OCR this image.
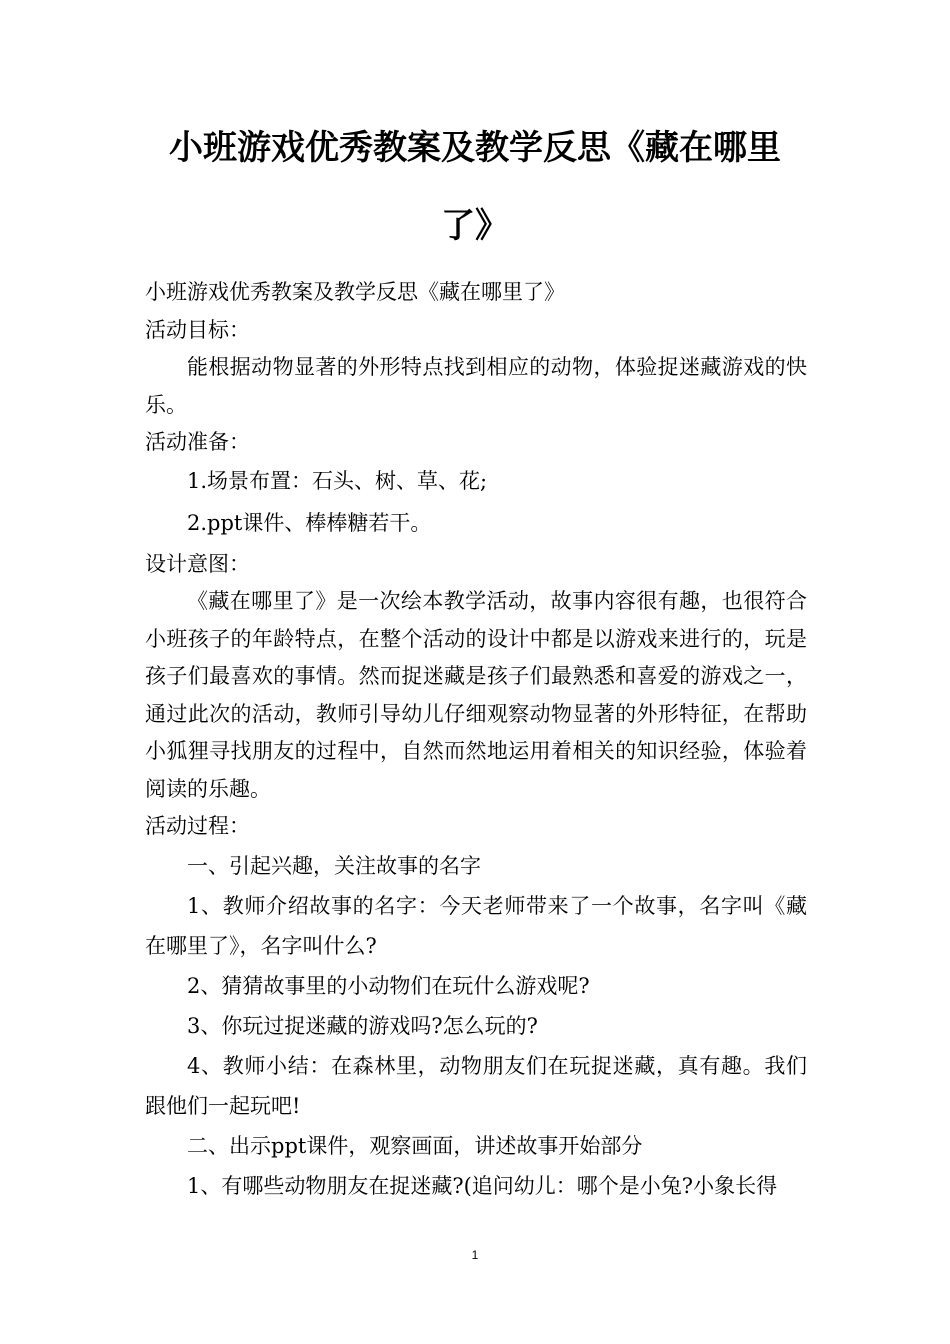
小班游戏优秀教案及教学反思《藏在哪里
了》

小班游戏优秀教案及教学反思《藏在哪里了》

活动目标：

能根据动物显著的外形特点找到相应的动物，体验捉迷藏游戏的快乐。

活动准备：

1.场景布置：石头、树、草、花;

2.ppt课件、棒棒糖若干。

设计意图：

《藏在哪里了》是一次绘本教学活动，故事内容很有趣，也很符合小班孩子的年龄特点，在整个活动的设计中都是以游戏来进行的，玩是孩子们最喜欢的事情。然而捉迷藏是孩子们最熟悉和喜爱的游戏之一，通过此次的活动，教师引导幼儿仔细观察动物显著的外形特征，在帮助小狐狸寻找朋友的过程中，自然而然地运用着相关的知识经验，体验着阅读的乐趣。

活动过程：

一、引起兴趣，关注故事的名字

1、教师介绍故事的名字：今天老师带来了一个故事，名字叫《藏在哪里了》，名字叫什么?

2、猜猜故事里的小动物们在玩什么游戏呢?

3、你玩过捉迷藏的游戏吗?怎么玩的?

4、教师小结：在森林里，动物朋友们在玩捉迷藏，真有趣。我们跟他们一起玩吧!

二、出示ppt课件，观察画面，讲述故事开始部分

1、有哪些动物朋友在捉迷藏?(追问幼儿：哪个是小兔?小象长得

1
